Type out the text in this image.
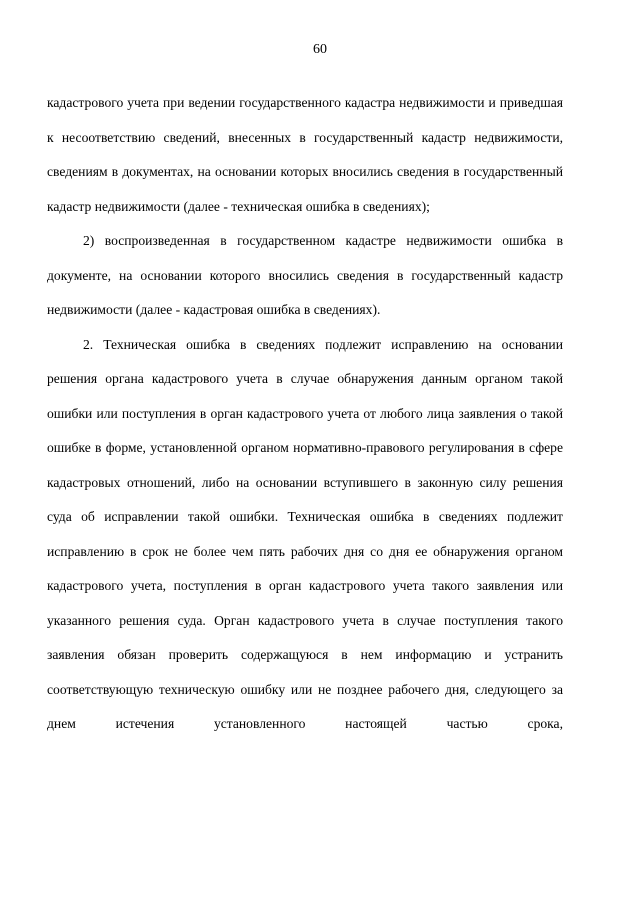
60

кадастрового учета при ведении государственного кадастра недвижимости и приведшая к несоответствию сведений, внесенных в государственный кадастр недвижимости, сведениям в документах, на основании которых вносились сведения в государственный кадастр недвижимости (далее - техническая ошибка в сведениях);

2) воспроизведенная в государственном кадастре недвижимости ошибка в документе, на основании которого вносились сведения в государственный кадастр недвижимости (далее - кадастровая ошибка в сведениях).

2. Техническая ошибка в сведениях подлежит исправлению на основании решения органа кадастрового учета в случае обнаружения данным органом такой ошибки или поступления в орган кадастрового учета от любого лица заявления о такой ошибке в форме, установленной органом нормативно-правового регулирования в сфере кадастровых отношений, либо на основании вступившего в законную силу решения суда об исправлении такой ошибки. Техническая ошибка в сведениях подлежит исправлению в срок не более чем пять рабочих дня со дня ее обнаружения органом кадастрового учета, поступления в орган кадастрового учета такого заявления или указанного решения суда. Орган кадастрового учета в случае поступления такого заявления обязан проверить содержащуюся в нем информацию и устранить соответствующую техническую ошибку или не позднее рабочего дня, следующего за днем истечения установленного настоящей частью срока,
